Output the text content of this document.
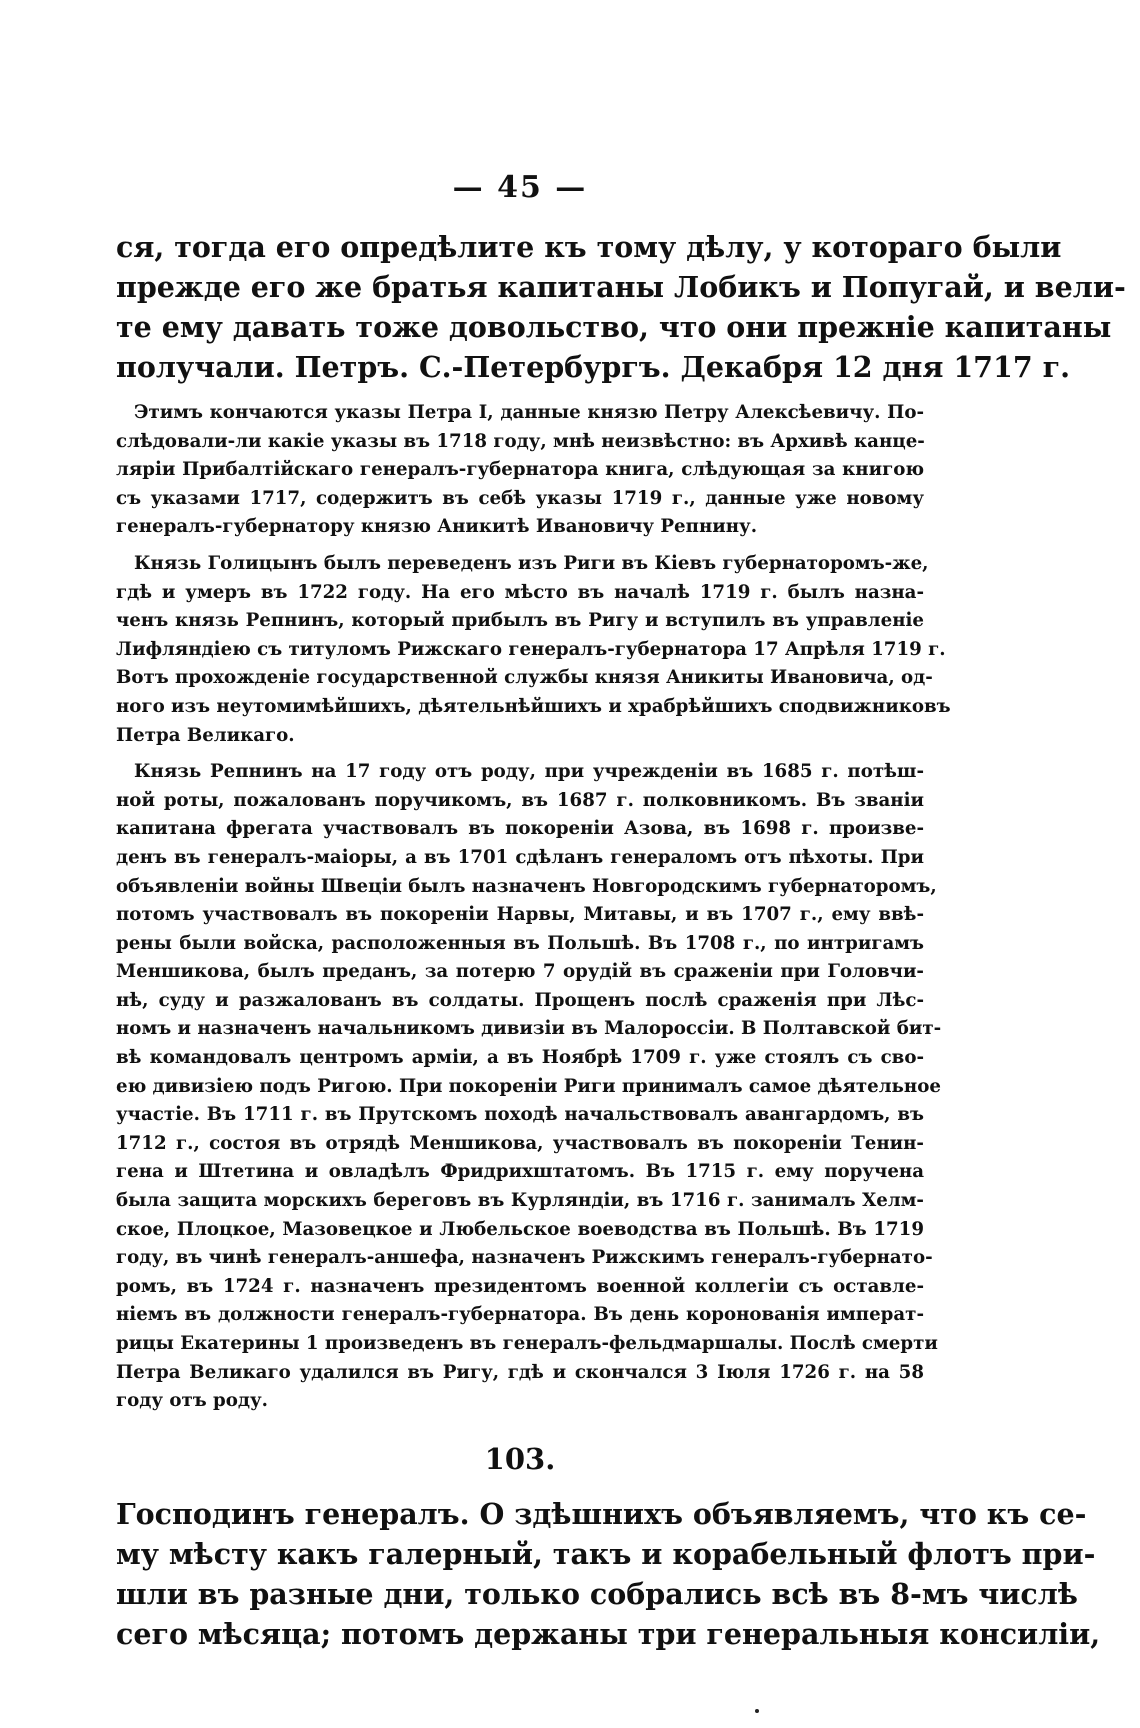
— 45 —
ся, тогда его опредѣлите къ тому дѣлу, у котораго были
прежде его же братья капитаны Лобикъ и Попугай, и вели-
те ему давать тоже довольство, что они прежніе капитаны
получали. Петръ. С.-Петербургъ. Декабря 12 дня 1717 г.
Этимъ кончаются указы Петра I, данные князю Петру Алексѣевичу. По-
слѣдовали-ли какіе указы въ 1718 году, мнѣ неизвѣстно: въ Архивѣ канце-
ляріи Прибалтійскаго генералъ-губернатора книга, слѣдующая за книгою
съ указами 1717, содержитъ въ себѣ указы 1719 г., данные уже новому
генералъ-губернатору князю Аникитѣ Ивановичу Репнину.
Князь Голицынъ былъ переведенъ изъ Риги въ Кіевъ губернаторомъ-же,
гдѣ и умеръ въ 1722 году. На его мѣсто въ началѣ 1719 г. былъ назна-
ченъ князь Репнинъ, который прибылъ въ Ригу и вступилъ въ управленіе
Лифляндіею съ титуломъ Рижскаго генералъ-губернатора 17 Апрѣля 1719 г.
Вотъ прохожденіе государственной службы князя Аникиты Ивановича, од-
ного изъ неутомимѣйшихъ, дѣятельнѣйшихъ и храбрѣйшихъ сподвижниковъ
Петра Великаго.
Князь Репнинъ на 17 году отъ роду, при учрежденіи въ 1685 г. потѣш-
ной роты, пожалованъ поручикомъ, въ 1687 г. полковникомъ. Въ званіи
капитана фрегата участвовалъ въ покореніи Азова, въ 1698 г. произве-
денъ въ генералъ-маіоры, а въ 1701 сдѣланъ генераломъ отъ пѣхоты. При
объявленіи войны Швеціи былъ назначенъ Новгородскимъ губернаторомъ,
потомъ участвовалъ въ покореніи Нарвы, Митавы, и въ 1707 г., ему ввѣ-
рены были войска, расположенныя въ Польшѣ. Въ 1708 г., по интригамъ
Меншикова, былъ преданъ, за потерю 7 орудій въ сраженіи при Головчи-
нѣ, суду и разжалованъ въ солдаты. Прощенъ послѣ сраженія при Лѣс-
номъ и назначенъ начальникомъ дивизіи въ Малороссіи. В Полтавской бит-
вѣ командовалъ центромъ арміи, а въ Ноябрѣ 1709 г. уже стоялъ съ сво-
ею дивизіею подъ Ригою. При покореніи Риги принималъ самое дѣятельное
участіе. Въ 1711 г. въ Прутскомъ походѣ начальствовалъ авангардомъ, въ
1712 г., состоя въ отрядѣ Меншикова, участвовалъ въ покореніи Тенин-
гена и Штетина и овладѣлъ Фридрихштатомъ. Въ 1715 г. ему поручена
была защита морскихъ береговъ въ Курляндіи, въ 1716 г. занималъ Хелм-
ское, Плоцкое, Мазовецкое и Любельское воеводства въ Польшѣ. Въ 1719
году, въ чинѣ генералъ-аншефа, назначенъ Рижскимъ генералъ-губернато-
ромъ, въ 1724 г. назначенъ президентомъ военной коллегіи съ оставле-
ніемъ въ должности генералъ-губернатора. Въ день коронованія императ-
рицы Екатерины 1 произведенъ въ генералъ-фельдмаршалы. Послѣ смерти
Петра Великаго удалился въ Ригу, гдѣ и скончался 3 Іюля 1726 г. на 58
году отъ роду.
103.
Господинъ генералъ. О здѣшнихъ объявляемъ, что къ се-
му мѣсту какъ галерный, такъ и корабельный флотъ при-
шли въ разные дни, только собрались всѣ въ 8-мъ числѣ
сего мѣсяца; потомъ держаны три генеральныя консиліи,
